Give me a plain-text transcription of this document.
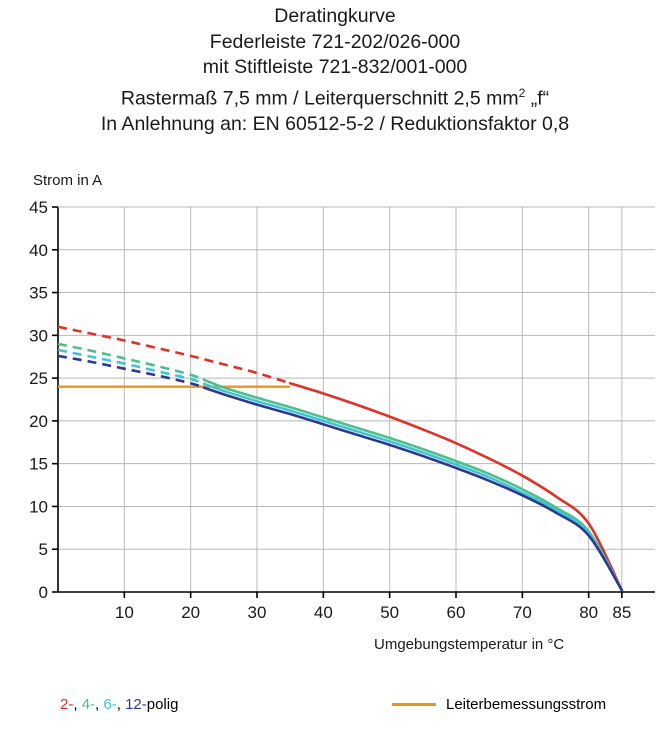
Deratingkurve
Federleiste 721-202/026-000
mit Stiftleiste 721-832/001-000
Rastermaß 7,5 mm / Leiterquerschnitt 2,5 $mm^2$ „f“
In Anlehnung an: EN 60512-5-2 / Reduktionsfaktor 0,8
Strom in A
Umgebungstemperatur in °C
0
5
10
15
20
25
30
35
40
45
10	20	30	40	50	60	70	80 85
2-, 4-, 6-, 12-polig	Leiterbemessungsstrom
